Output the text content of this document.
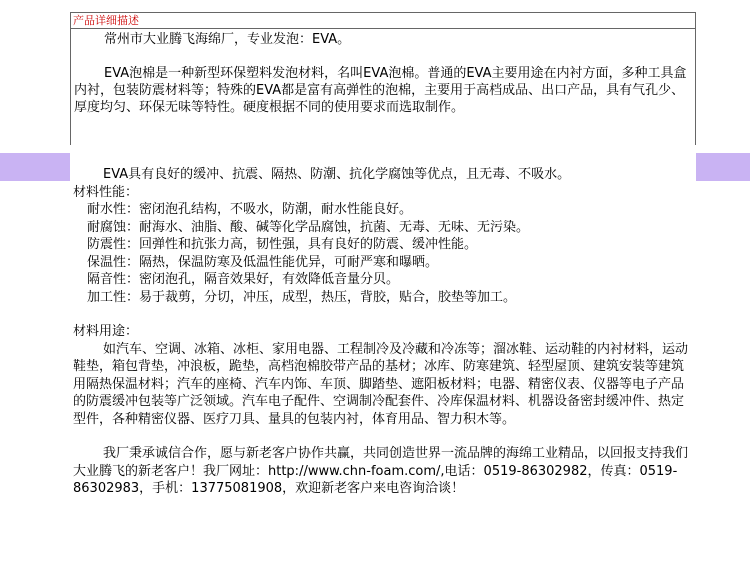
产品详细描述

常州市大业腾飞海绵厂，专业发泡：EVA。

EVA泡棉是一种新型环保塑料发泡材料，名叫EVA泡棉。普通的EVA主要用途在内衬方面，多种工具盒内衬，包装防震材料等；特殊的EVA都是富有高弹性的泡棉，主要用于高档成品、出口产品，具有气孔少、厚度均匀、环保无味等特性。硬度根据不同的使用要求而选取制作。

EVA具有良好的缓冲、抗震、隔热、防潮、抗化学腐蚀等优点，且无毒、不吸水。

材料性能：

耐水性：密闭泡孔结构，不吸水，防潮，耐水性能良好。

耐腐蚀：耐海水、油脂、酸、碱等化学品腐蚀，抗菌、无毒、无味、无污染。

防震性：回弹性和抗张力高，韧性强，具有良好的防震、缓冲性能。

保温性：隔热，保温防寒及低温性能优异，可耐严寒和曝晒。

隔音性：密闭泡孔，隔音效果好，有效降低音量分贝。

加工性：易于裁剪，分切，冲压，成型，热压，背胶，贴合，胶垫等加工。

材料用途：

如汽车、空调、冰箱、冰柜、家用电器、工程制冷及冷藏和冷冻等；溜冰鞋、运动鞋的内衬材料，运动鞋垫，箱包背垫，冲浪板，跪垫，高档泡棉胶带产品的基材；冰库、防寒建筑、轻型屋顶、建筑安装等建筑用隔热保温材料；汽车的座椅、汽车内饰、车顶、脚踏垫、遮阳板材料；电器、精密仪表、仪器等电子产品的防震缓冲包装等广泛领域。汽车电子配件、空调制冷配套件、冷库保温材料、机器设备密封缓冲件、热定型件，各种精密仪器、医疗刀具、量具的包装内衬，体育用品、智力积木等。

我厂秉承诚信合作，愿与新老客户协作共赢，共同创造世界一流品牌的海绵工业精品，以回报支持我们大业腾飞的新老客户！我厂网址：http://www.chn-foam.com/,电话：0519-86302982，传真：0519-86302983，手机：13775081908，欢迎新老客户来电咨询洽谈！
